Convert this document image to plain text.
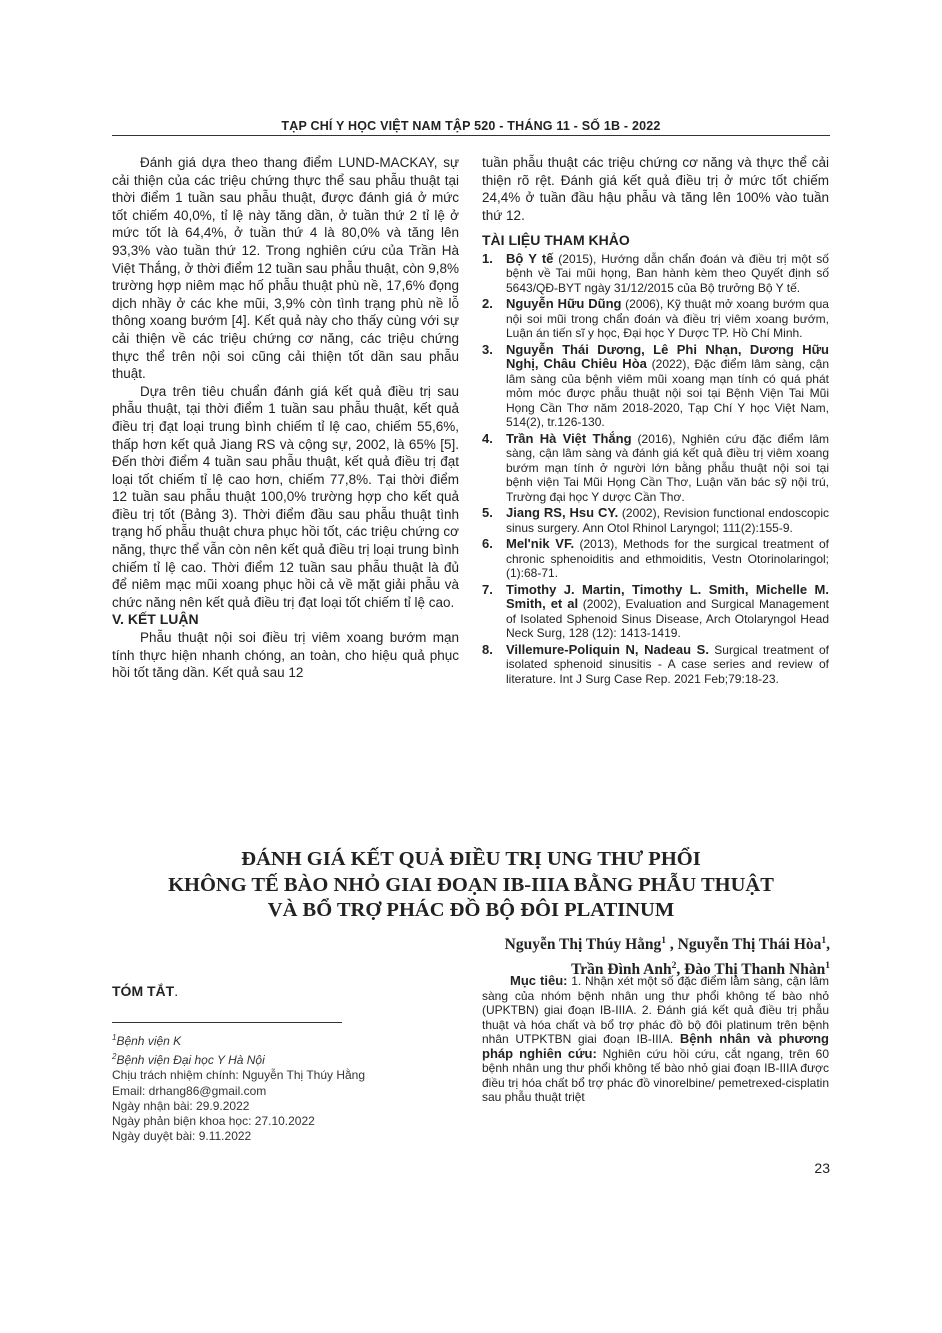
TẠP CHÍ Y HỌC VIỆT NAM TẬP 520 - THÁNG 11 - SỐ 1B - 2022

Đánh giá dựa theo thang điểm LUND-MACKAY, sự cải thiện của các triệu chứng thực thể sau phẫu thuật tại thời điểm 1 tuần sau phẫu thuật, được đánh giá ở mức tốt chiếm 40,0%, tỉ lệ này tăng dần, ở tuần thứ 2 tỉ lệ ở mức tốt là 64,4%, ở tuần thứ 4 là 80,0% và tăng lên 93,3% vào tuần thứ 12. Trong nghiên cứu của Trần Hà Việt Thắng, ở thời điểm 12 tuần sau phẫu thuật, còn 9,8% trường hợp niêm mạc hố phẫu thuật phù nề, 17,6% đọng dịch nhầy ở các khe mũi, 3,9% còn tình trạng phù nề lỗ thông xoang bướm [4]. Kết quả này cho thấy cùng với sự cải thiện về các triệu chứng cơ năng, các triệu chứng thực thể trên nội soi cũng cải thiện tốt dần sau phẫu thuật.

Dựa trên tiêu chuẩn đánh giá kết quả điều trị sau phẫu thuật, tại thời điểm 1 tuần sau phẫu thuật, kết quả điều trị đạt loại trung bình chiếm tỉ lệ cao, chiếm 55,6%, thấp hơn kết quả Jiang RS và cộng sự, 2002, là 65% [5]. Đến thời điểm 4 tuần sau phẫu thuật, kết quả điều trị đạt loại tốt chiếm tỉ lệ cao hơn, chiếm 77,8%. Tại thời điểm 12 tuần sau phẫu thuật 100,0% trường hợp cho kết quả điều trị tốt (Bảng 3). Thời điểm đầu sau phẫu thuật tình trạng hố phẫu thuật chưa phục hồi tốt, các triệu chứng cơ năng, thực thể vẫn còn nên kết quả điều trị loại trung bình chiếm tỉ lệ cao. Thời điểm 12 tuần sau phẫu thuật là đủ để niêm mạc mũi xoang phục hồi cả về mặt giải phẫu và chức năng nên kết quả điều trị đạt loại tốt chiếm tỉ lệ cao.

V. KẾT LUẬN

Phẫu thuật nội soi điều trị viêm xoang bướm mạn tính thực hiện nhanh chóng, an toàn, cho hiệu quả phục hồi tốt tăng dần. Kết quả sau 12

tuần phẫu thuật các triệu chứng cơ năng và thực thể cải thiện rõ rệt. Đánh giá kết quả điều trị ở mức tốt chiếm 24,4% ở tuần đầu hậu phẫu và tăng lên 100% vào tuần thứ 12.

TÀI LIỆU THAM KHẢO

1. Bộ Y tế (2015), Hướng dẫn chẩn đoán và điều trị một số bệnh về Tai mũi họng, Ban hành kèm theo Quyết định số 5643/QĐ-BYT ngày 31/12/2015 của Bộ trưởng Bộ Y tế.
2. Nguyễn Hữu Dũng (2006), Kỹ thuật mở xoang bướm qua nội soi mũi trong chẩn đoán và điều trị viêm xoang bướm, Luận án tiến sĩ y học, Đại học Y Dược TP. Hồ Chí Minh.
3. Nguyễn Thái Dương, Lê Phi Nhạn, Dương Hữu Nghị, Châu Chiêu Hòa (2022), Đặc điểm lâm sàng, cận lâm sàng của bệnh viêm mũi xoang mạn tính có quá phát mỏm móc được phẫu thuật nội soi tại Bệnh Viện Tai Mũi Họng Cần Thơ năm 2018-2020, Tạp Chí Y học Việt Nam, 514(2), tr.126-130.
4. Trần Hà Việt Thắng (2016), Nghiên cứu đặc điểm lâm sàng, cận lâm sàng và đánh giá kết quả điều trị viêm xoang bướm mạn tính ở người lớn bằng phẫu thuật nội soi tại bệnh viện Tai Mũi Họng Cần Thơ, Luận văn bác sỹ nội trú, Trường đại học Y dược Cần Thơ.
5. Jiang RS, Hsu CY. (2002), Revision functional endoscopic sinus surgery. Ann Otol Rhinol Laryngol; 111(2):155-9.
6. Mel'nik VF. (2013), Methods for the surgical treatment of chronic sphenoiditis and ethmoiditis, Vestn Otorinolaringol; (1):68-71.
7. Timothy J. Martin, Timothy L. Smith, Michelle M. Smith, et al (2002), Evaluation and Surgical Management of Isolated Sphenoid Sinus Disease, Arch Otolaryngol Head Neck Surg, 128 (12): 1413-1419.
8. Villemure-Poliquin N, Nadeau S. Surgical treatment of isolated sphenoid sinusitis - A case series and review of literature. Int J Surg Case Rep. 2021 Feb;79:18-23.
ĐÁNH GIÁ KẾT QUẢ ĐIỀU TRỊ UNG THƯ PHỔI
KHÔNG TẾ BÀO NHỎ GIAI ĐOẠN IB-IIIA BẰNG PHẪU THUẬT
VÀ BỔ TRỢ PHÁC ĐỒ BỘ ĐÔI PLATINUM
Nguyễn Thị Thúy Hằng$^1$ , Nguyễn Thị Thái Hòa$^1$,
Trần Đình Anh$^2$, Đào Thị Thanh Nhàn$^1$
TÓM TẮT.
$^1$Bệnh viện K
$^2$Bệnh viện Đại học Y Hà Nội
Chịu trách nhiệm chính: Nguyễn Thị Thúy Hằng
Email: drhang86@gmail.com
Ngày nhận bài: 29.9.2022
Ngày phản biện khoa học: 27.10.2022
Ngày duyệt bài: 9.11.2022
Mục tiêu: 1. Nhận xét một số đặc điểm lâm sàng, cận lâm sàng của nhóm bệnh nhân ung thư phổi không tế bào nhỏ (UPKTBN) giai đoạn IB-IIIA. 2. Đánh giá kết quả điều trị phẫu thuật và hóa chất và bổ trợ phác đồ bộ đôi platinum trên bệnh nhân UTPKTBN giai đoạn IB-IIIA. Bệnh nhân và phương pháp nghiên cứu: Nghiên cứu hồi cứu, cắt ngang, trên 60 bệnh nhân ung thư phổi không tế bào nhỏ giai đoạn IB-IIIA được điều trị hóa chất bổ trợ phác đồ vinorelbine/ pemetrexed-cisplatin sau phẫu thuật triệt
23
